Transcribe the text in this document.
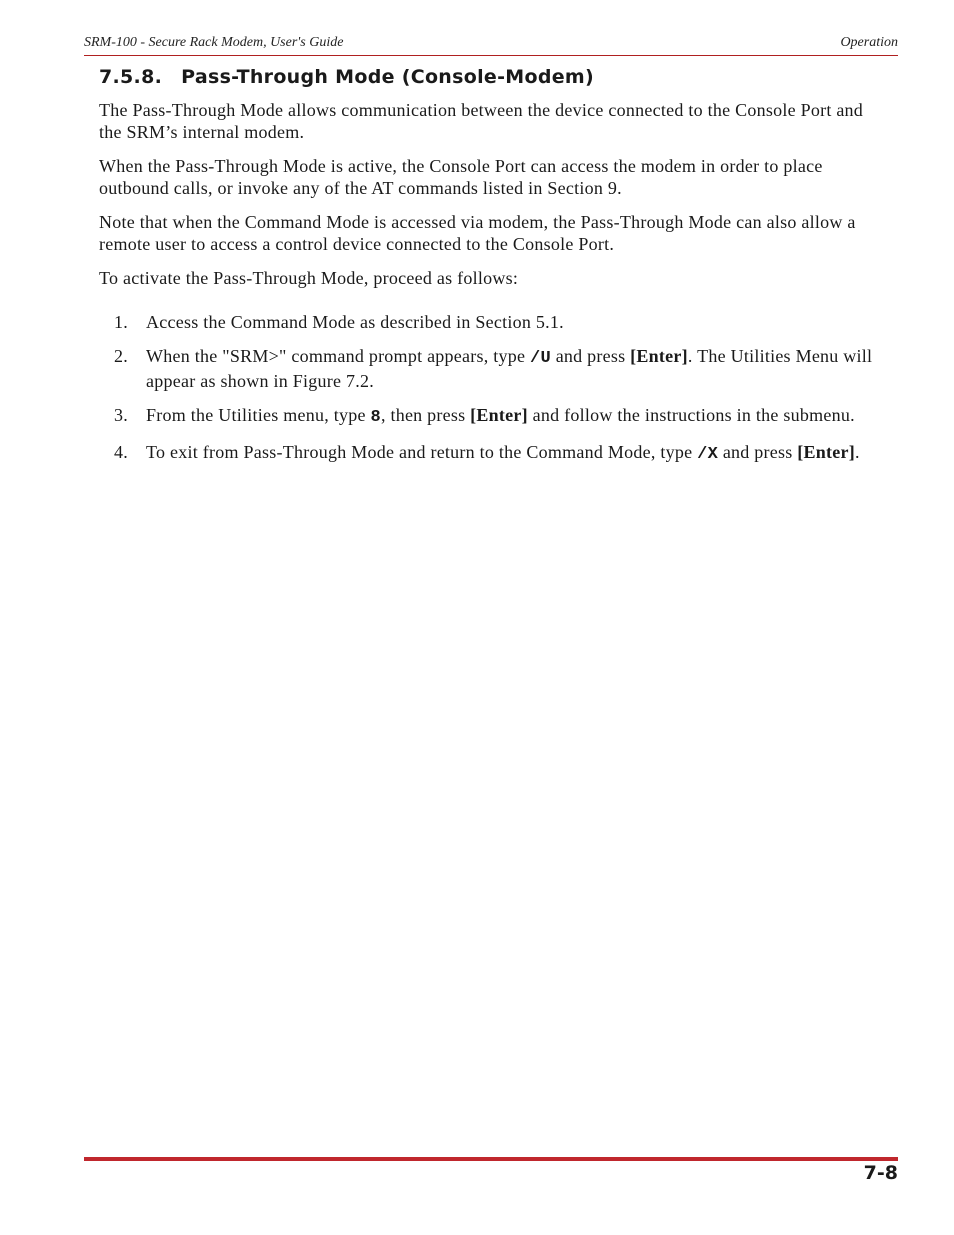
SRM-100 - Secure Rack Modem, User's Guide	Operation
7.5.8. Pass-Through Mode (Console-Modem)

The Pass-Through Mode allows communication between the device connected to the Console Port and the SRM’s internal modem.

When the Pass-Through Mode is active, the Console Port can access the modem in order to place outbound calls, or invoke any of the AT commands listed in Section 9.

Note that when the Command Mode is accessed via modem, the Pass-Through Mode can also allow a remote user to access a control device connected to the Console Port.

To activate the Pass-Through Mode, proceed as follows:

1. Access the Command Mode as described in Section 5.1.
2. When the "SRM>" command prompt appears, type /U and press [Enter]. The Utilities Menu will appear as shown in Figure 7.2.
3. From the Utilities menu, type 8, then press [Enter] and follow the instructions in the submenu.
4. To exit from Pass-Through Mode and return to the Command Mode, type /X and press [Enter].
7-8
